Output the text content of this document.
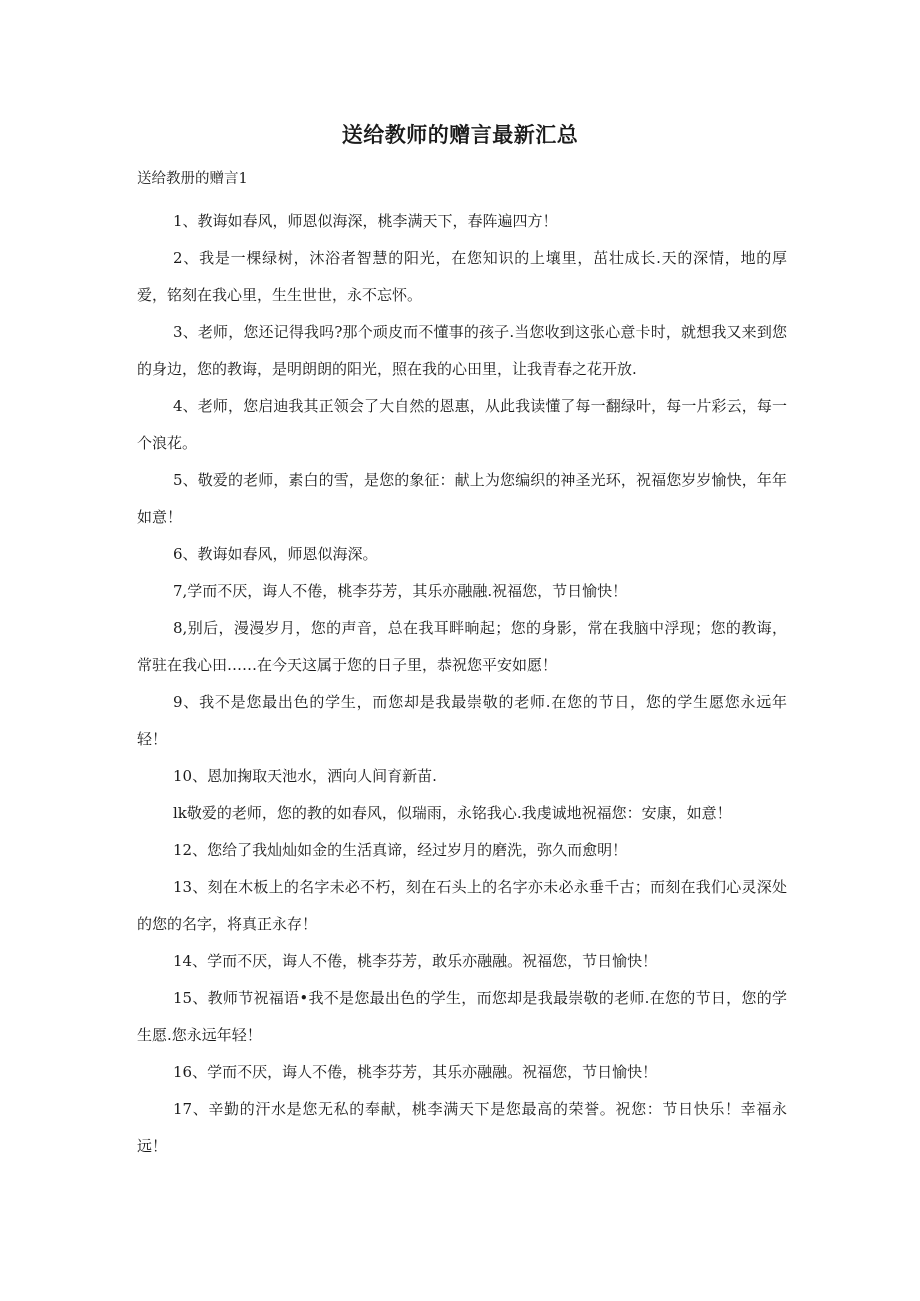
送给教师的赠言最新汇总

送给教册的赠言1

1、教诲如春风，师恩似海深，桃李满天下，春阵遍四方！

2、我是一棵绿树，沐浴者智慧的阳光，在您知识的上壤里，茁壮成长.天的深情，地的厚爱，铭刻在我心里，生生世世，永不忘怀。

3、老师，您还记得我吗?那个顽皮而不懂事的孩子.当您收到这张心意卡时，就想我又来到您的身边，您的教诲，是明朗朗的阳光，照在我的心田里，让我青春之花开放.

4、老师，您启迪我其正领会了大自然的恩惠，从此我读懂了每一翻绿叶，每一片彩云，每一个浪花。

5、敬爱的老师，素白的雪，是您的象征：献上为您编织的神圣光环，祝福您岁岁愉快，年年如意！

6、教诲如春风，师恩似海深。

7,学而不厌，诲人不倦，桃李芬芳，其乐亦融融.祝福您，节日愉快！

8,别后，漫漫岁月，您的声音，总在我耳畔晌起；您的身影，常在我脑中浮现；您的教诲，常驻在我心田……在今天这属于您的日子里，恭祝您平安如愿！

9、我不是您最出色的学生，而您却是我最崇敬的老师.在您的节日，您的学生愿您永远年轻！

10、恩加掬取天池水，洒向人间育新苗.

lk敬爱的老师，您的教的如春风，似瑞雨，永铭我心.我虔诚地祝福您：安康，如意！

12、您给了我灿灿如金的生活真谛，经过岁月的磨洗，弥久而愈明！

13、刻在木板上的名字未必不朽，刻在石头上的名字亦未必永垂千古；而刻在我们心灵深处的您的名字，将真正永存！

14、学而不厌，诲人不倦，桃李芬芳，敢乐亦融融。祝福您，节日愉快！

15、教师节祝福语•我不是您最出色的学生，而您却是我最崇敬的老师.在您的节日，您的学生愿.您永远年轻！

16、学而不厌，诲人不倦，桃李芬芳，其乐亦融融。祝福您，节日愉快！

17、辛勤的汗水是您无私的奉献，桃李满天下是您最高的荣誉。祝您：节日快乐！幸福永远！
